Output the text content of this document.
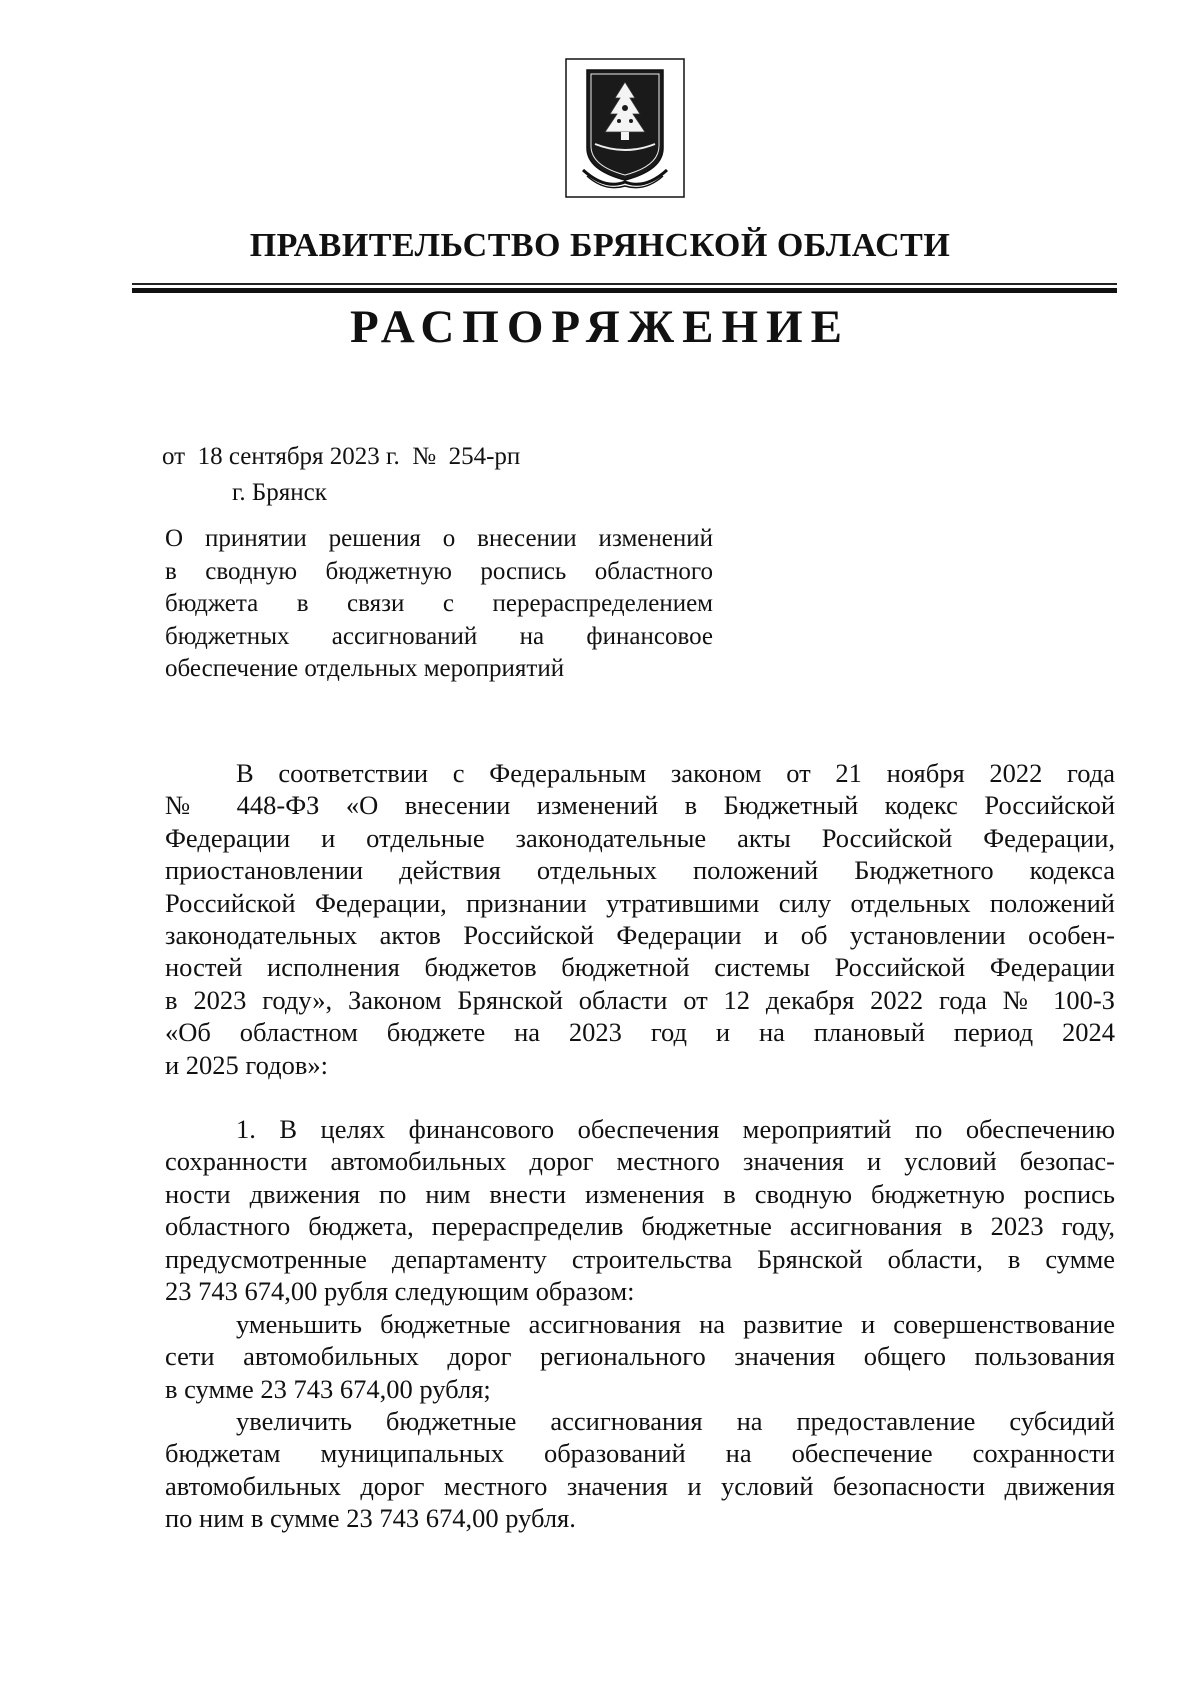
ПРАВИТЕЛЬСТВО БРЯНСКОЙ ОБЛАСТИ
РАСПОРЯЖЕНИЕ
от  18 сентября 2023 г.  №  254-рп
г. Брянск
О принятии решения о внесении изменений
в сводную бюджетную роспись областного
бюджета в связи с перераспределением
бюджетных ассигнований на финансовое
обеспечение отдельных мероприятий
В соответствии с Федеральным законом от 21 ноября 2022 года
№ 448-ФЗ «О внесении изменений в Бюджетный кодекс Российской
Федерации и отдельные законодательные акты Российской Федерации,
приостановлении действия отдельных положений Бюджетного кодекса
Российской Федерации, признании утратившими силу отдельных положений
законодательных актов Российской Федерации и об установлении особен-
ностей исполнения бюджетов бюджетной системы Российской Федерации
в 2023 году», Законом Брянской области от 12 декабря 2022 года № 100-З
«Об областном бюджете на 2023 год и на плановый период 2024
и 2025 годов»:
1. В целях финансового обеспечения мероприятий по обеспечению
сохранности автомобильных дорог местного значения и условий безопас-
ности движения по ним внести изменения в сводную бюджетную роспись
областного бюджета, перераспределив бюджетные ассигнования в 2023 году,
предусмотренные департаменту строительства Брянской области, в сумме
23 743 674,00 рубля следующим образом:
уменьшить бюджетные ассигнования на развитие и совершенствование
сети автомобильных дорог регионального значения общего пользования
в сумме 23 743 674,00 рубля;
увеличить бюджетные ассигнования на предоставление субсидий
бюджетам муниципальных образований на обеспечение сохранности
автомобильных дорог местного значения и условий безопасности движения
по ним в сумме 23 743 674,00 рубля.
